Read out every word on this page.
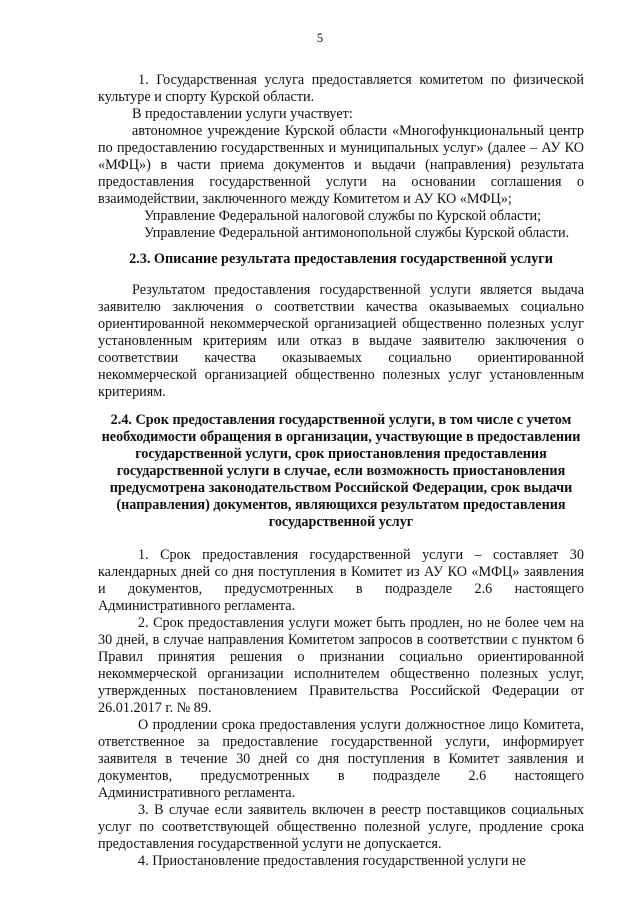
5

1. Государственная услуга предоставляется комитетом по физической культуре и спорту Курской области.

В предоставлении услуги участвует:

автономное учреждение Курской области «Многофункциональный центр по предоставлению государственных и муниципальных услуг» (далее – АУ КО «МФЦ») в части приема документов и выдачи (направления) результата предоставления государственной услуги на основании соглашения о взаимодействии, заключенного между Комитетом и АУ КО «МФЦ»;

Управление Федеральной налоговой службы по Курской области;

Управление Федеральной антимонопольной службы Курской области.

2.3. Описание результата предоставления государственной услуги

Результатом предоставления государственной услуги является выдача заявителю заключения о соответствии качества оказываемых социально ориентированной некоммерческой организацией общественно полезных услуг установленным критериям или отказ в выдаче заявителю заключения о соответствии качества оказываемых социально ориентированной некоммерческой организацией общественно полезных услуг установленным критериям.

2.4. Срок предоставления государственной услуги, в том числе с учетом необходимости обращения в организации, участвующие в предоставлении государственной услуги, срок приостановления предоставления государственной услуги в случае, если возможность приостановления предусмотрена законодательством Российской Федерации, срок выдачи (направления) документов, являющихся результатом предоставления государственной услуг

1. Срок предоставления государственной услуги – составляет 30 календарных дней со дня поступления в Комитет из АУ КО «МФЦ» заявления и документов, предусмотренных в подразделе 2.6 настоящего Административного регламента.

2. Срок предоставления услуги может быть продлен, но не более чем на 30 дней, в случае направления Комитетом запросов в соответствии с пунктом 6 Правил принятия решения о признании социально ориентированной некоммерческой организации исполнителем общественно полезных услуг, утвержденных постановлением Правительства Российской Федерации от 26.01.2017 г. № 89.

О продлении срока предоставления услуги должностное лицо Комитета, ответственное за предоставление государственной услуги, информирует заявителя в течение 30 дней со дня поступления в Комитет заявления и документов, предусмотренных в подразделе 2.6 настоящего Административного регламента.

3. В случае если заявитель включен в реестр поставщиков социальных услуг по соответствующей общественно полезной услуге, продление срока предоставления государственной услуги не допускается.

4. Приостановление предоставления государственной услуги не
